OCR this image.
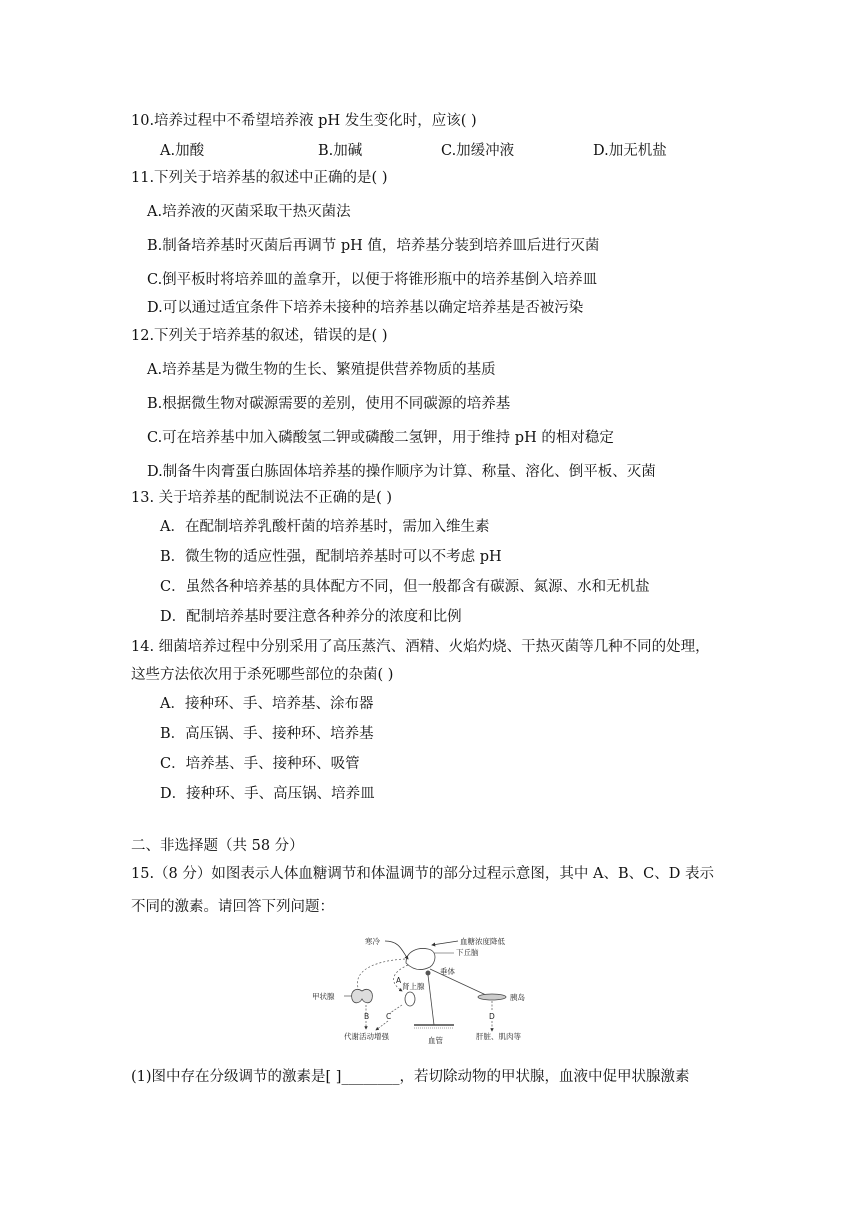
10.培养过程中不希望培养液 pH 发生变化时，应该( )
A.加酸	B.加碱	C.加缓冲液	D.加无机盐
11.下列关于培养基的叙述中正确的是( )
A.培养液的灭菌采取干热灭菌法
B.制备培养基时灭菌后再调节 pH 值，培养基分装到培养皿后进行灭菌
C.倒平板时将培养皿的盖拿开，以便于将锥形瓶中的培养基倒入培养皿
D.可以通过适宜条件下培养未接种的培养基以确定培养基是否被污染
12.下列关于培养基的叙述，错误的是( )
A.培养基是为微生物的生长、繁殖提供营养物质的基质
B.根据微生物对碳源需要的差别，使用不同碳源的培养基
C.可在培养基中加入磷酸氢二钾或磷酸二氢钾，用于维持 pH 的相对稳定
D.制备牛肉膏蛋白胨固体培养基的操作顺序为计算、称量、溶化、倒平板、灭菌
13. 关于培养基的配制说法不正确的是( )
A．在配制培养乳酸杆菌的培养基时，需加入维生素
B．微生物的适应性强，配制培养基时可以不考虑 pH
C．虽然各种培养基的具体配方不同，但一般都含有碳源、氮源、水和无机盐
D．配制培养基时要注意各种养分的浓度和比例
14. 细菌培养过程中分别采用了高压蒸汽、酒精、火焰灼烧、干热灭菌等几种不同的处理，
这些方法依次用于杀死哪些部位的杂菌( )
A．接种环、手、培养基、涂布器
B．高压锅、手、接种环、培养基
C．培养基、手、接种环、吸管
D．接种环、手、高压锅、培养皿
二、非选择题（共 58 分）
15.（8 分）如图表示人体血糖调节和体温调节的部分过程示意图，其中 A、B、C、D 表示
不同的激素。请回答下列问题：
寒冷	血糖浓度降低
下丘脑
垂体
A
肾上腺
甲状腺
B C
代谢活动增强	血管
胰岛
D
肝脏、肌肉等
(1)图中存在分级调节的激素是[ ]________，若切除动物的甲状腺，血液中促甲状腺激素
